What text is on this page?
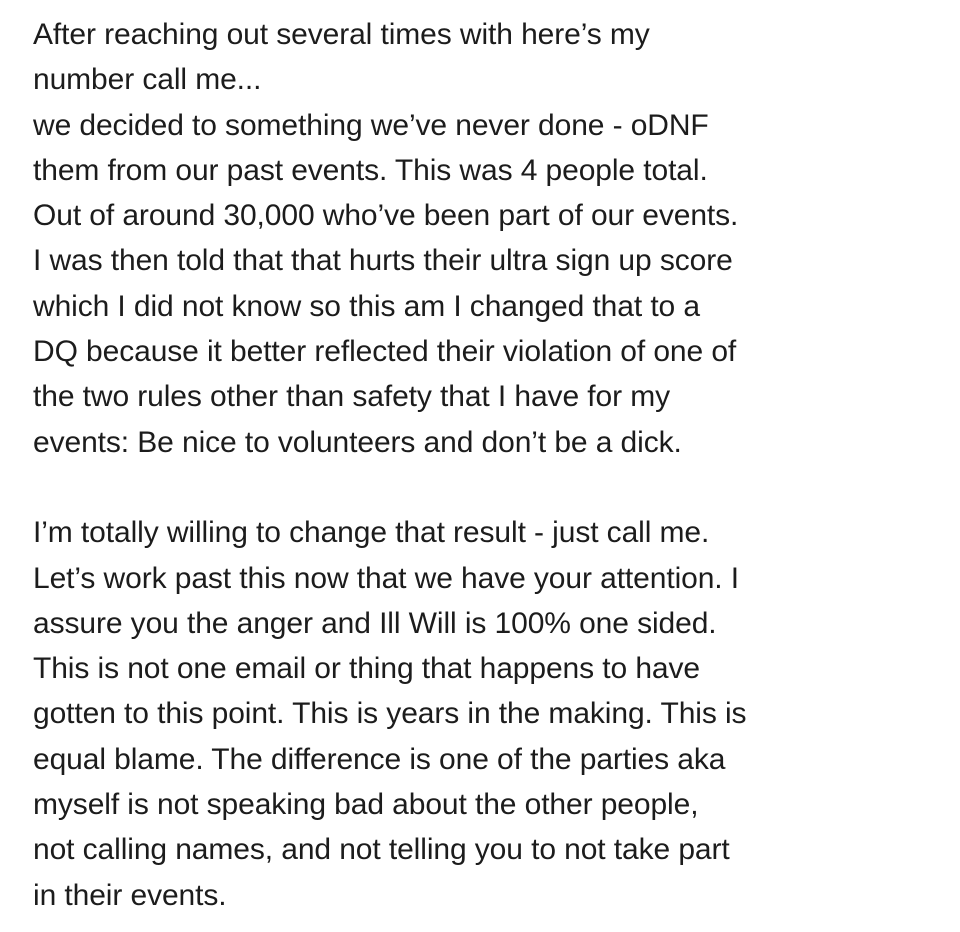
After reaching out several times with here’s my
number call me...
we decided to something we’ve never done - oDNF
them from our past events. This was 4 people total.
Out of around 30,000 who’ve been part of our events.
I was then told that that hurts their ultra sign up score
which I did not know so this am I changed that to a
DQ because it better reflected their violation of one of
the two rules other than safety that I have for my
events: Be nice to volunteers and don’t be a dick.
I’m totally willing to change that result - just call me.
Let’s work past this now that we have your attention. I
assure you the anger and Ill Will is 100% one sided.
This is not one email or thing that happens to have
gotten to this point. This is years in the making. This is
equal blame. The difference is one of the parties aka
myself is not speaking bad about the other people,
not calling names, and not telling you to not take part
in their events.
